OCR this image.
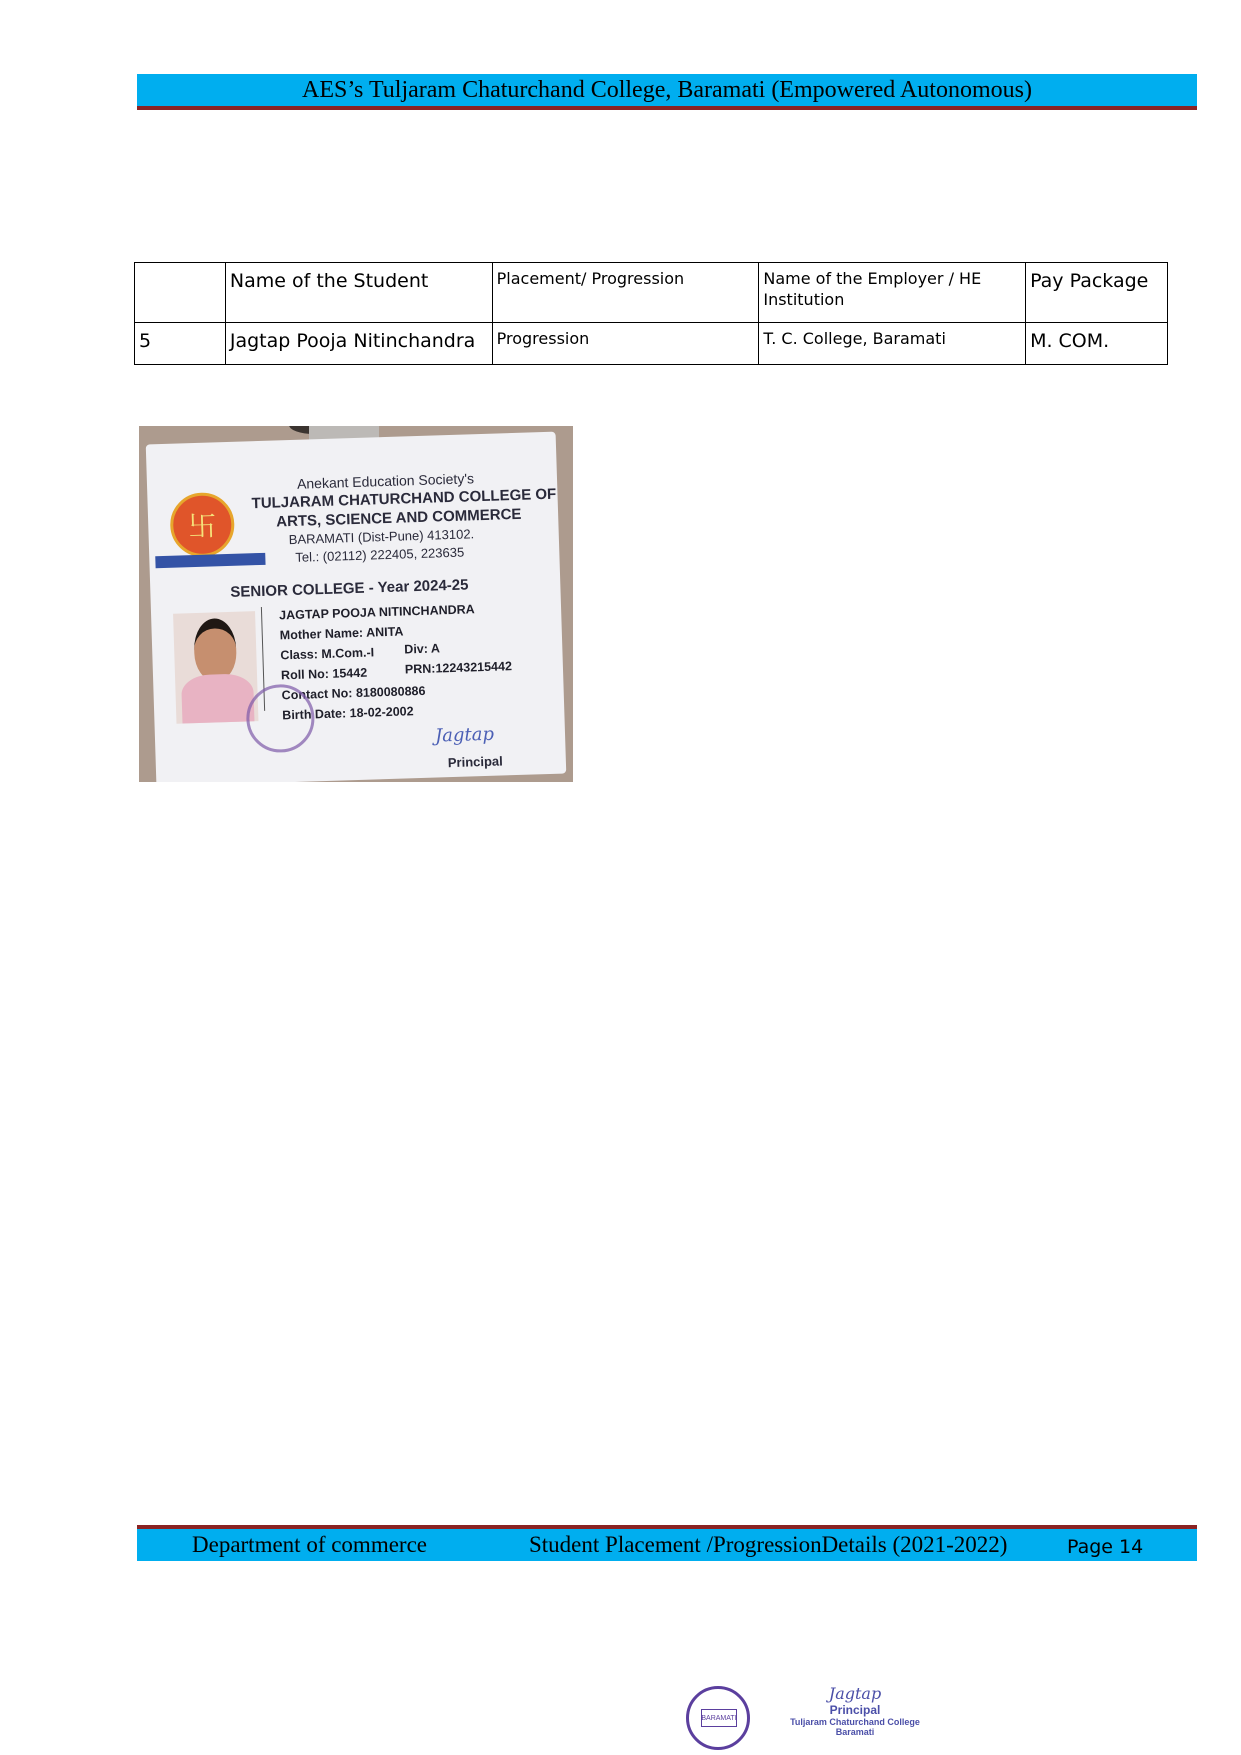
AES’s Tuljaram Chaturchand College, Baramati (Empowered Autonomous)
	Name of the Student	Placement/ Progression	Name of the Employer / HE Institution	Pay Package
5	Jagtap Pooja Nitinchandra	Progression	T. C. College, Baramati	M. COM.
卐
Anekant Education Society's
TULJARAM CHATURCHAND COLLEGE OF
ARTS, SCIENCE AND COMMERCE
BARAMATI (Dist-Pune) 413102.
Tel.: (02112) 222405, 223635
SENIOR COLLEGE - Year 2024-25
JAGTAP POOJA NITINCHANDRA
Mother Name: ANITA
Class: M.Com.-I Div: A
Roll No: 15442	PRN:12243215442
Contact No: 8180080886
Birth Date: 18-02-2002
Jagtap
Principal
Department of commerce	Student Placement /ProgressionDetails (2021-2022)	Page 14
BARAMATI
Jagtap
Principal
Tuljaram Chaturchand College
Baramati
